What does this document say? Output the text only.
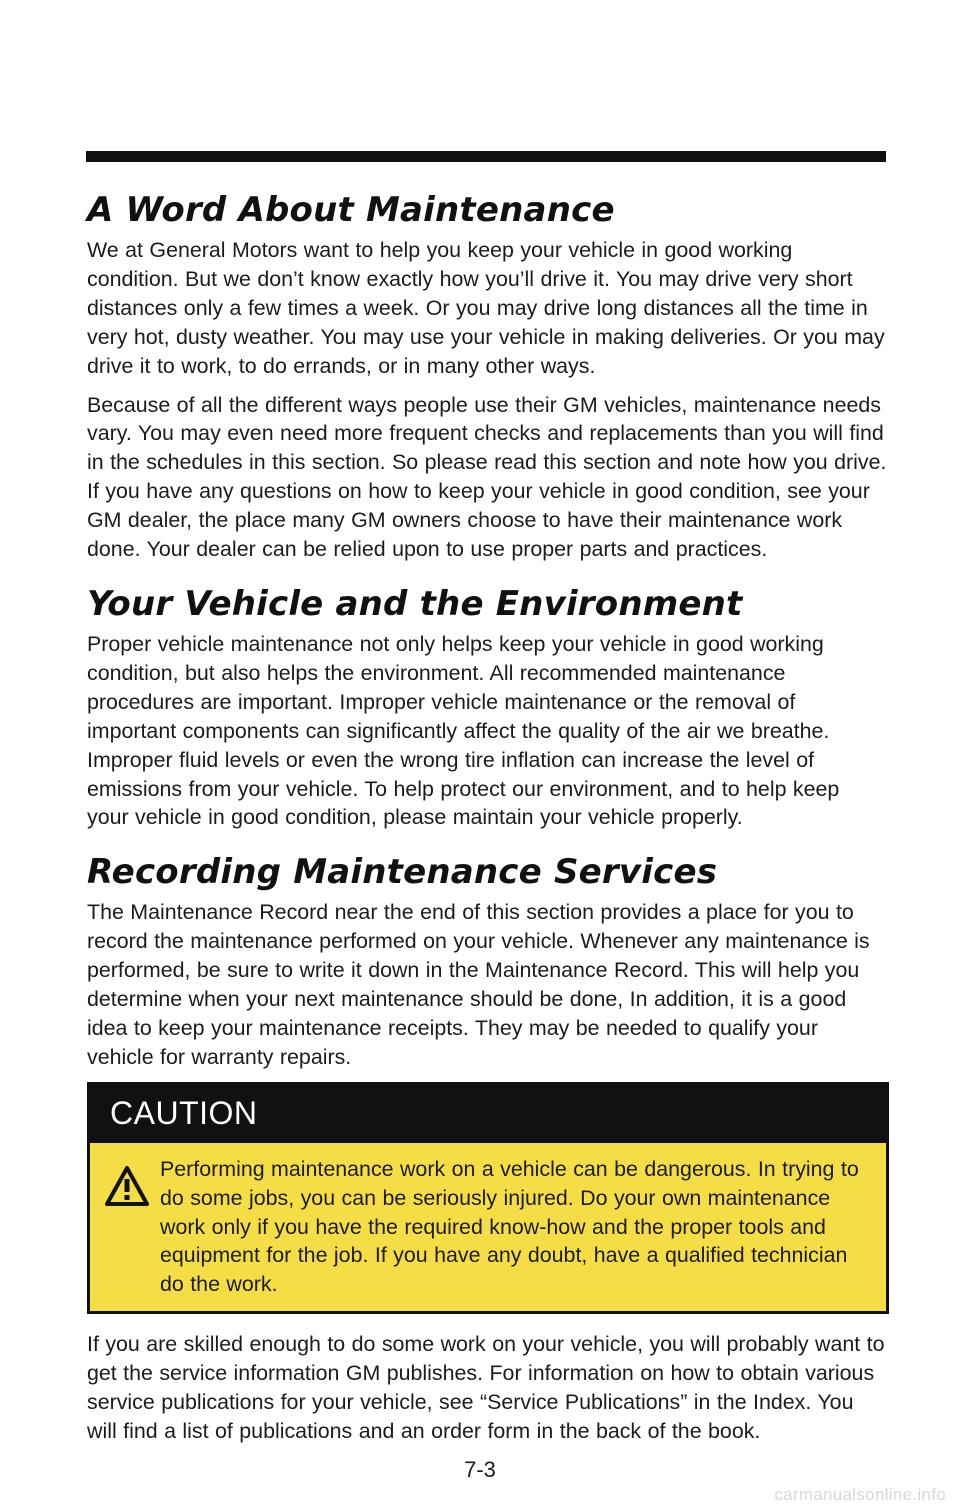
A Word About Maintenance

We at General Motors want to help you keep your vehicle in good working condition. But we don’t know exactly how you’ll drive it. You may drive very short distances only a few times a week. Or you may drive long distances all the time in very hot, dusty weather. You may use your vehicle in making deliveries. Or you may drive it to work, to do errands, or in many other ways.

Because of all the different ways people use their GM vehicles, maintenance needs vary. You may even need more frequent checks and replacements than you will find in the schedules in this section. So please read this section and note how you drive. If you have any questions on how to keep your vehicle in good condition, see your GM dealer, the place many GM owners choose to have their maintenance work done. Your dealer can be relied upon to use proper parts and practices.

Your Vehicle and the Environment

Proper vehicle maintenance not only helps keep your vehicle in good working condition, but also helps the environment. All recommended maintenance procedures are important. Improper vehicle maintenance or the removal of important components can significantly affect the quality of the air we breathe. Improper fluid levels or even the wrong tire inflation can increase the level of emissions from your vehicle. To help protect our environment, and to help keep your vehicle in good condition, please maintain your vehicle properly.

Recording Maintenance Services

The Maintenance Record near the end of this section provides a place for you to record the maintenance performed on your vehicle. Whenever any maintenance is performed, be sure to write it down in the Maintenance Record. This will help you determine when your next maintenance should be done, In addition, it is a good idea to keep your maintenance receipts. They may be needed to qualify your vehicle for warranty repairs.

CAUTION

Performing maintenance work on a vehicle can be dangerous. In trying to do some jobs, you can be seriously injured. Do your own maintenance work only if you have the required know-how and the proper tools and equipment for the job. If you have any doubt, have a qualified technician do the work.

If you are skilled enough to do some work on your vehicle, you will probably want to get the service information GM publishes. For information on how to obtain various service publications for your vehicle, see “Service Publications” in the Index. You will find a list of publications and an order form in the back of the book.

7-3
carmanualsonline.info
